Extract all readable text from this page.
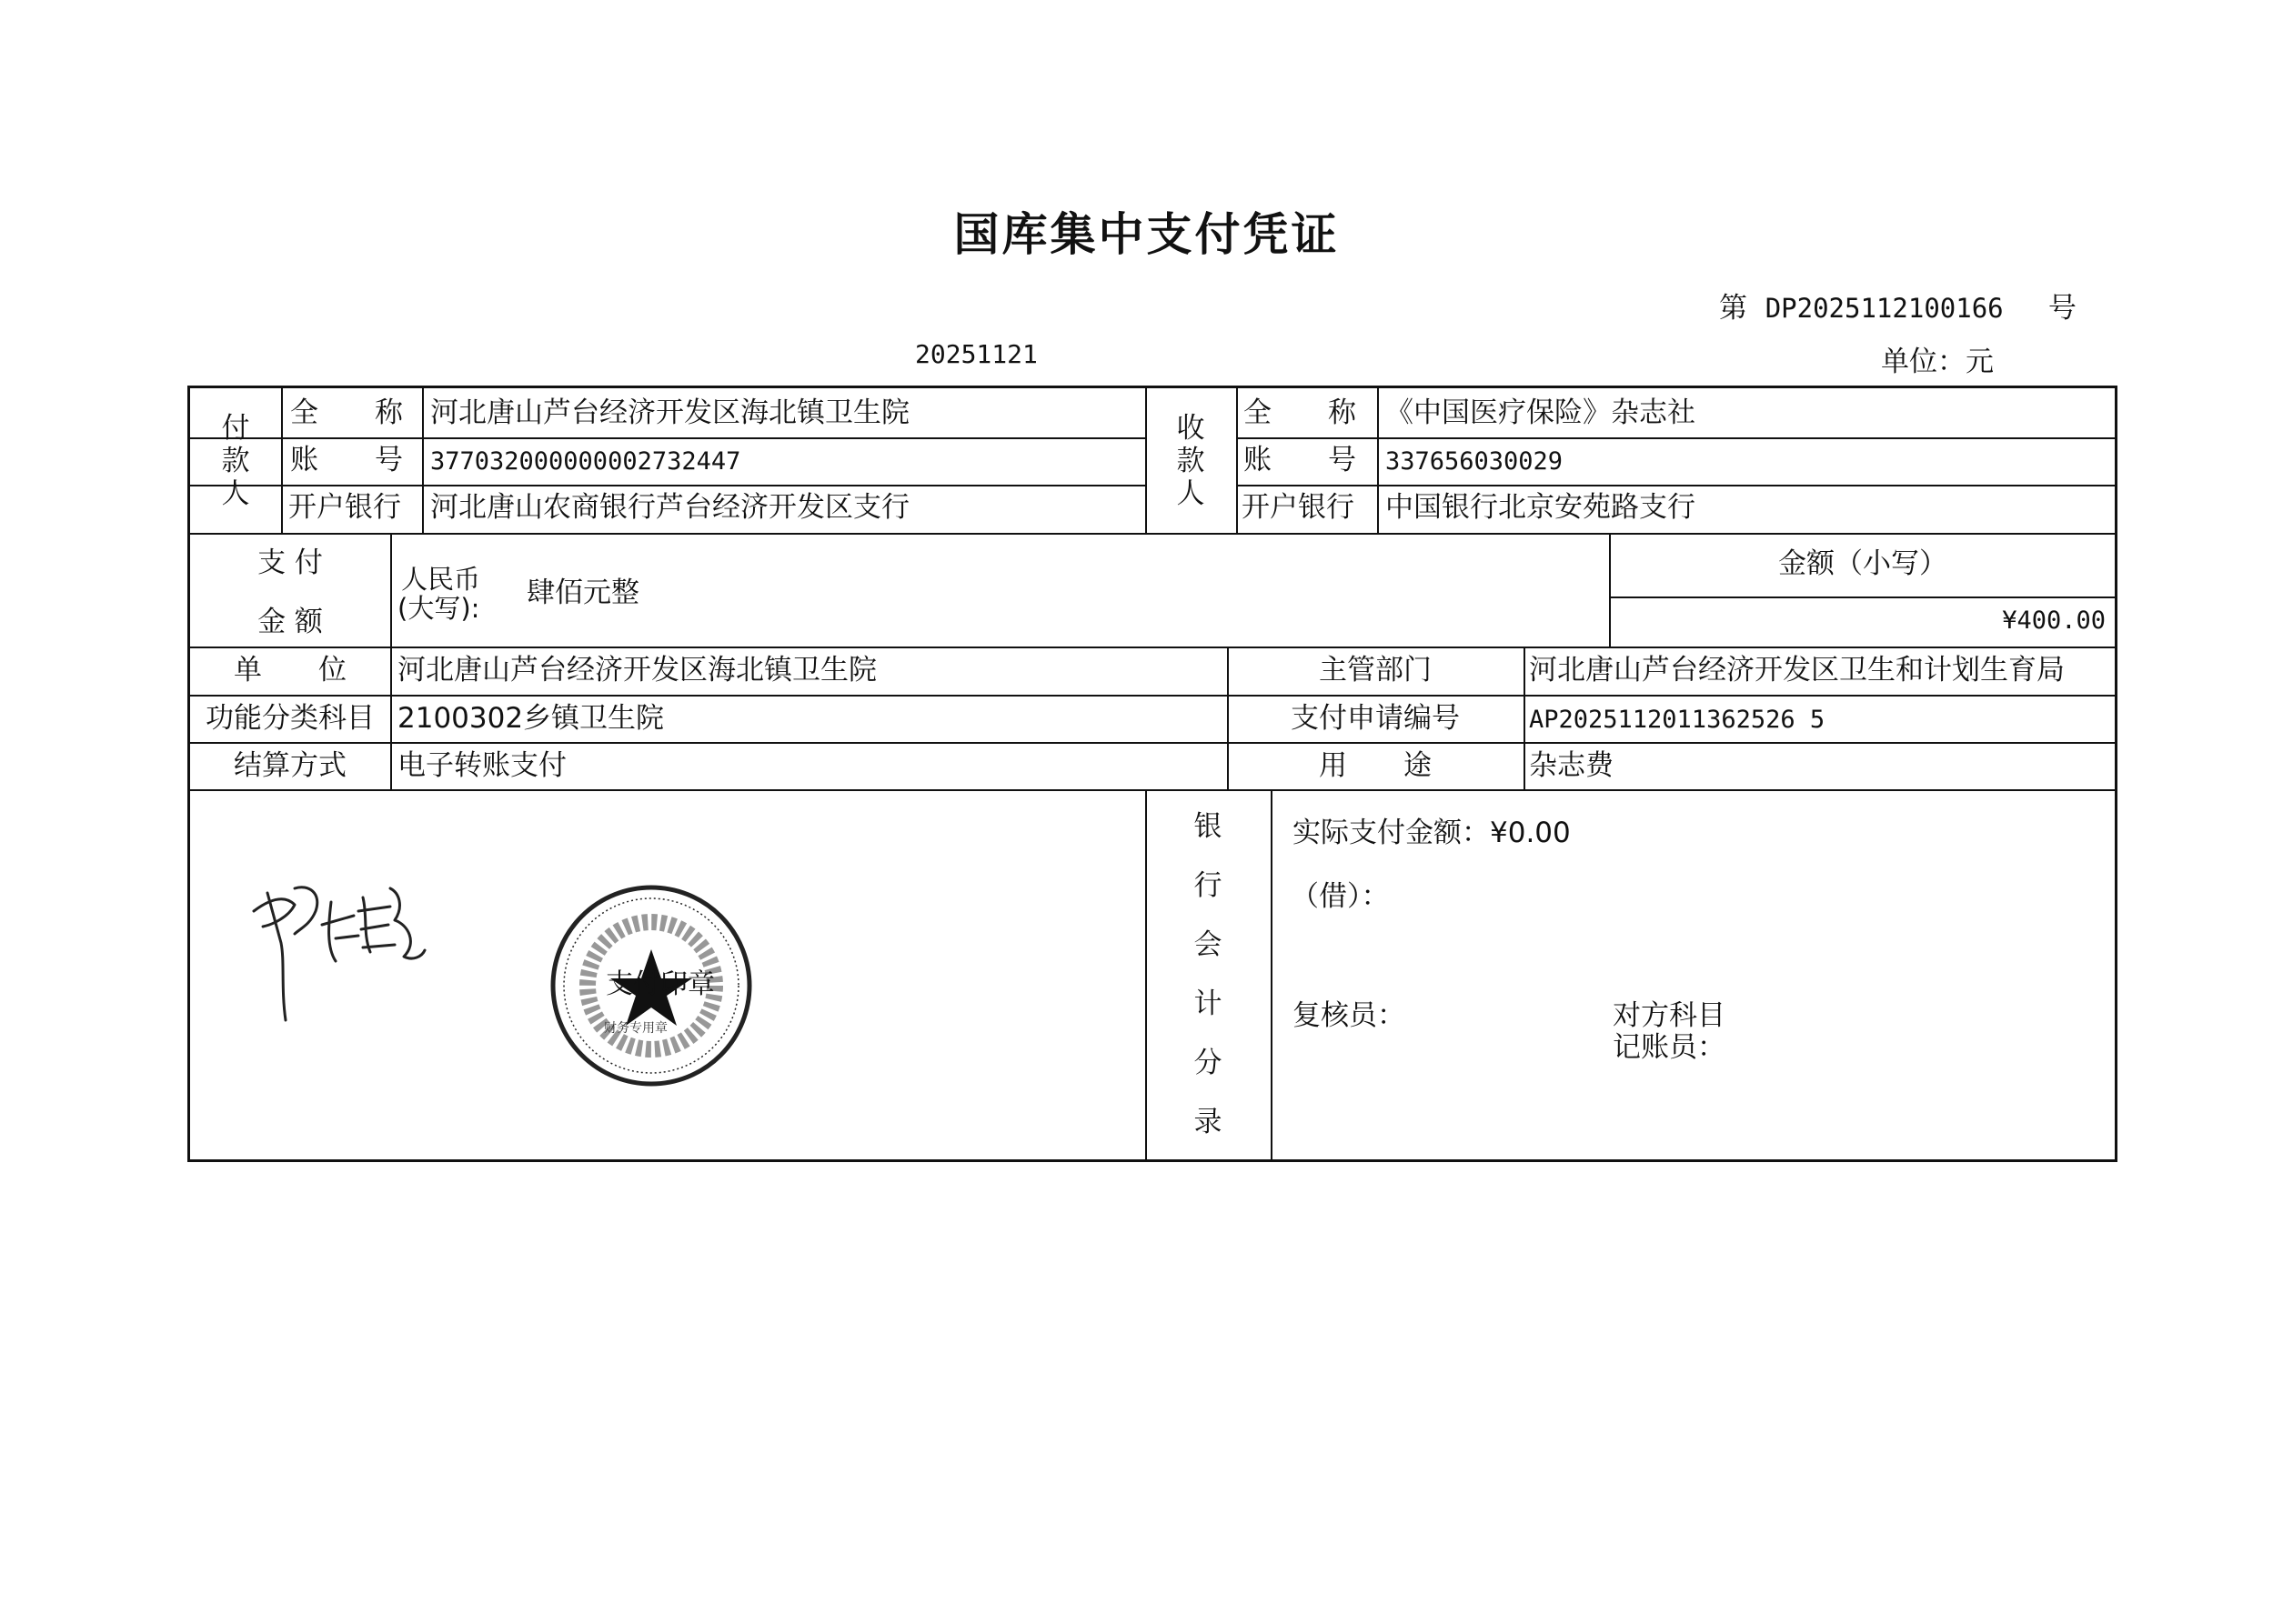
国库集中支付凭证
第 DP2025112100166 号
20251121	单位：元
付款人
全　　称 河北唐山芦台经济开发区海北镇卫生院
账　　号 377032000000002732447
开户银行 河北唐山农商银行芦台经济开发区支行
收款人
全　　称 《中国医疗保险》杂志社
账　　号 337656030029
开户银行 中国银行北京安苑路支行
支 付
金 额
人民币
(大写): 肆佰元整
金额（小写）
¥400.00
单　　位	河北唐山芦台经济开发区海北镇卫生院	主管部门	河北唐山芦台经济开发区卫生和计划生育局
功能分类科目 2100302乡镇卫生院	支付申请编号	AP2025112011362526 5
结算方式	电子转账支付	用　　途	杂志费
支付印章
财务专用章
银
行
会
计
分
录
实际支付金额：¥0.00
（借）：
复核员：	对方科目
记账员：
